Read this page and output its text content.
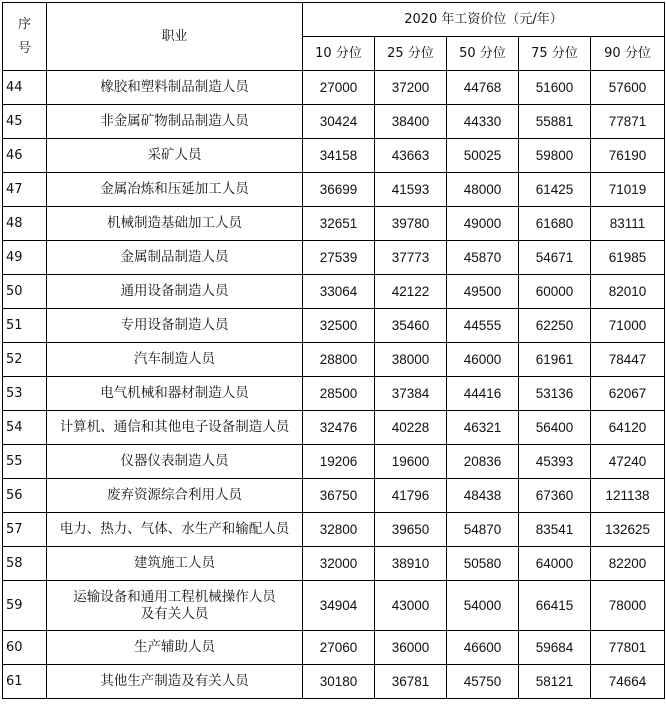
序号	职业	2020 年工资价位（元/年）				
		10 分位	25 分位	50 分位	75 分位	90 分位
44	橡胶和塑料制品制造人员	27000	37200	44768	51600	57600
45	非金属矿物制品制造人员	30424	38400	44330	55881	77871
46	采矿人员	34158	43663	50025	59800	76190
47	金属冶炼和压延加工人员	36699	41593	48000	61425	71019
48	机械制造基础加工人员	32651	39780	49000	61680	83111
49	金属制品制造人员	27539	37773	45870	54671	61985
50	通用设备制造人员	33064	42122	49500	60000	82010
51	专用设备制造人员	32500	35460	44555	62250	71000
52	汽车制造人员	28800	38000	46000	61961	78447
53	电气机械和器材制造人员	28500	37384	44416	53136	62067
54	计算机、通信和其他电子设备制造人员	32476	40228	46321	56400	64120
55	仪器仪表制造人员	19206	19600	20836	45393	47240
56	废弃资源综合利用人员	36750	41796	48438	67360	121138
57	电力、热力、气体、水生产和输配人员	32800	39650	54870	83541	132625
58	建筑施工人员	32000	38910	50580	64000	82200
59	运输设备和通用工程机械操作人员
及有关人员	34904	43000	54000	66415	78000
60	生产辅助人员	27060	36000	46600	59684	77801
61	其他生产制造及有关人员	30180	36781	45750	58121	74664
